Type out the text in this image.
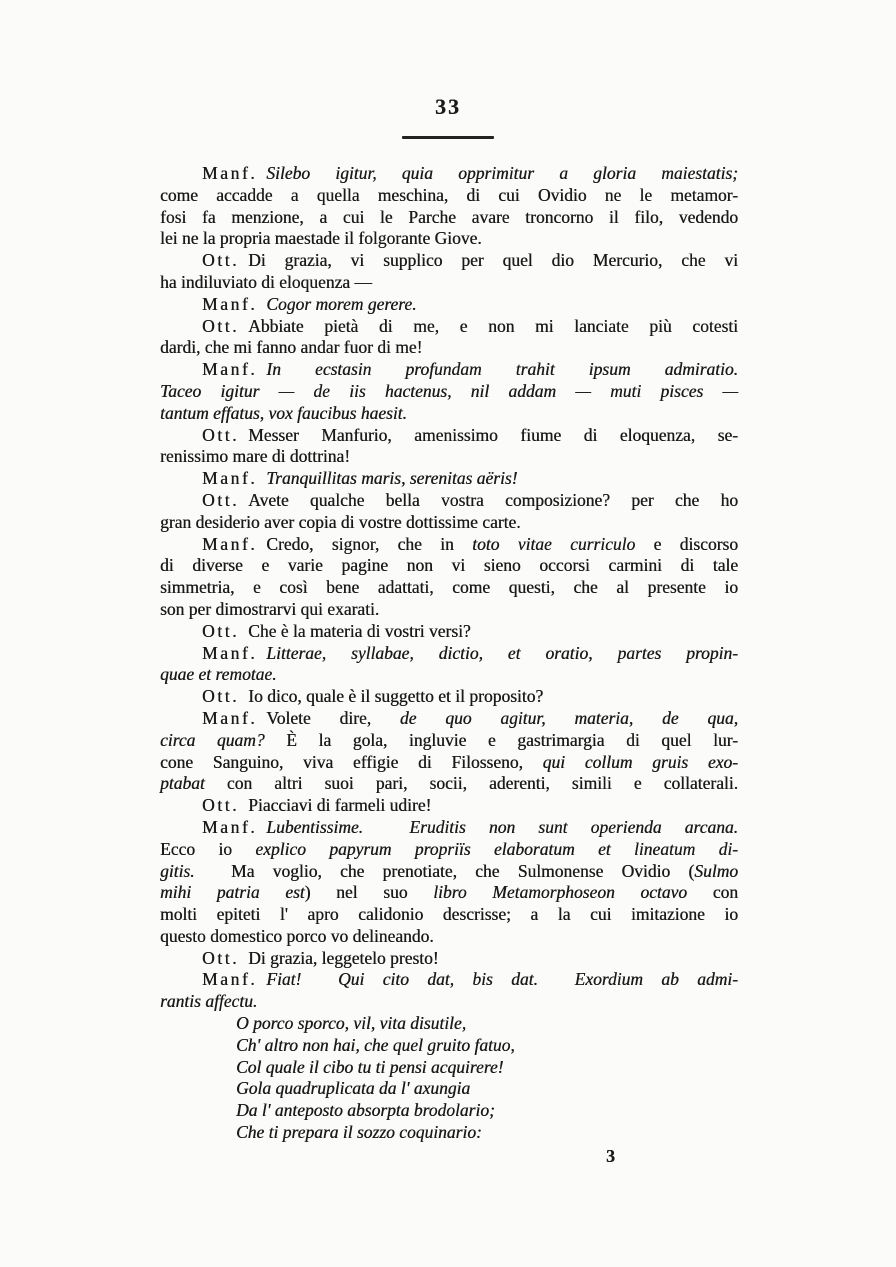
33
Manf. Silebo igitur, quia opprimitur a gloria maiestatis;
come accadde a quella meschina, di cui Ovidio ne le metamor-
fosi fa menzione, a cui le Parche avare troncorno il filo, vedendo
lei ne la propria maestade il folgorante Giove.
Ott. Di grazia, vi supplico per quel dio Mercurio, che vi
ha indiluviato di eloquenza —
Manf. Cogor morem gerere.
Ott. Abbiate pietà di me, e non mi lanciate più cotesti
dardi, che mi fanno andar fuor di me!
Manf. In ecstasin profundam trahit ipsum admiratio.
Taceo igitur — de iis hactenus, nil addam — muti pisces —
tantum effatus, vox faucibus haesit.
Ott. Messer Manfurio, amenissimo fiume di eloquenza, se-
renissimo mare di dottrina!
Manf. Tranquillitas maris, serenitas aëris!
Ott. Avete qualche bella vostra composizione? per che ho
gran desiderio aver copia di vostre dottissime carte.
Manf. Credo, signor, che in toto vitae curriculo e discorso
di diverse e varie pagine non vi sieno occorsi carmini di tale
simmetria, e così bene adattati, come questi, che al presente io
son per dimostrarvi qui exarati.
Ott. Che è la materia di vostri versi?
Manf. Litterae, syllabae, dictio, et oratio, partes propin-
quae et remotae.
Ott. Io dico, quale è il suggetto et il proposito?
Manf. Volete dire, de quo agitur, materia, de qua,
circa quam? È la gola, ingluvie e gastrimargia di quel lur-
cone Sanguino, viva effigie di Filosseno, qui collum gruis exo-
ptabat con altri suoi pari, socii, aderenti, simili e collaterali.
Ott. Piacciavi di farmeli udire!
Manf. Lubentissime.  Eruditis non sunt operienda arcana.
Ecco io explico papyrum propriïs elaboratum et lineatum di-
gitis.  Ma voglio, che prenotiate, che Sulmonense Ovidio (Sulmo
mihi patria est) nel suo libro Metamorphoseon octavo con
molti epiteti l' apro calidonio descrisse; a la cui imitazione io
questo domestico porco vo delineando.
Ott. Di grazia, leggetelo presto!
Manf. Fiat!  Qui cito dat, bis dat.  Exordium ab admi-
rantis affectu.
O porco sporco, vil, vita disutile,
Ch' altro non hai, che quel gruito fatuo,
Col quale il cibo tu ti pensi acquirere!
Gola quadruplicata da l' axungia
Da l' anteposto absorpta brodolario;
Che ti prepara il sozzo coquinario:
3
